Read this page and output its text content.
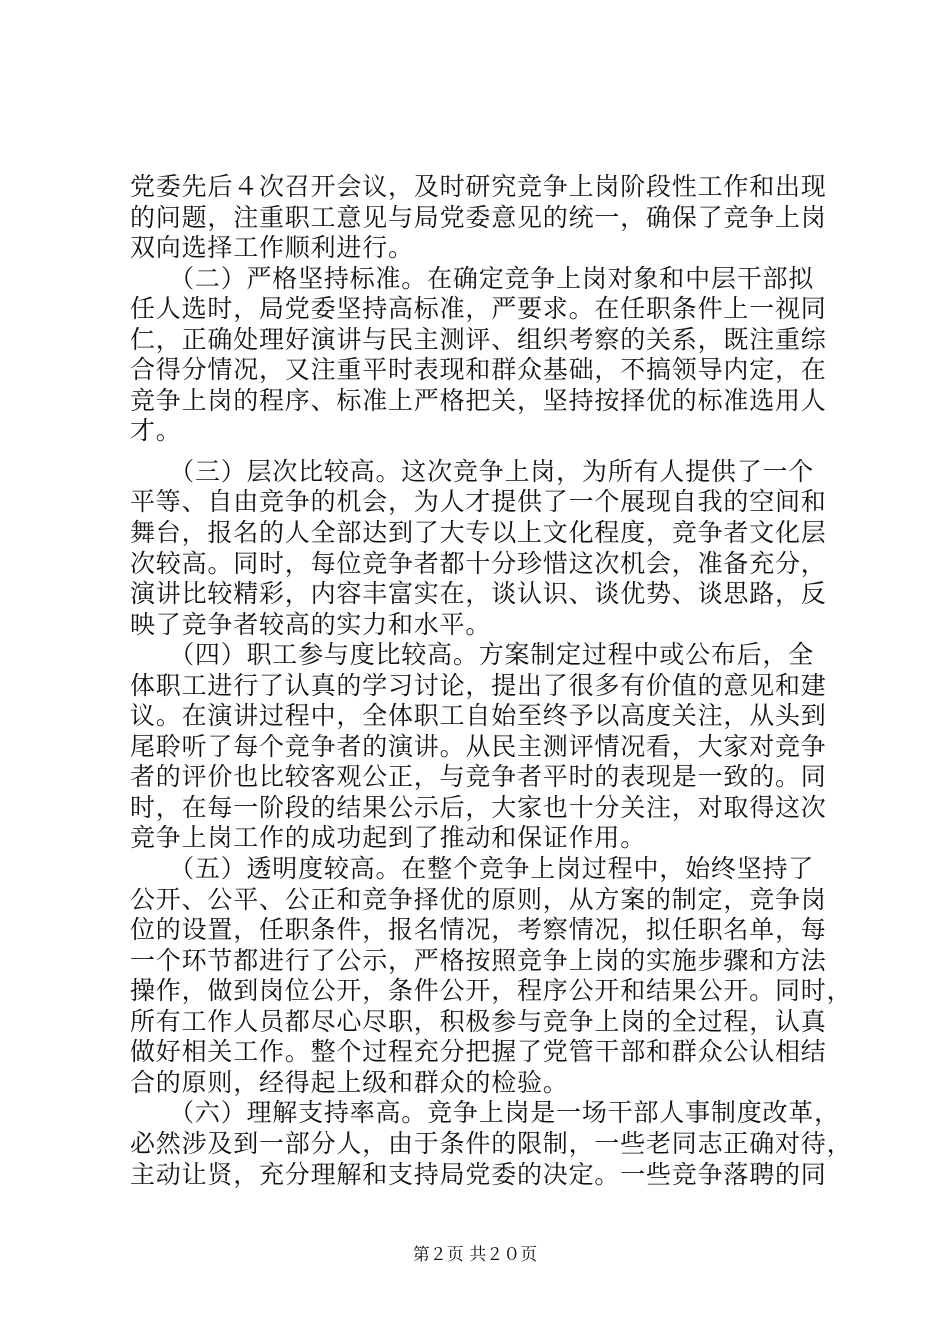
党委先后４次召开会议，及时研究竞争上岗阶段性工作和出现
的问题，注重职工意见与局党委意见的统一，确保了竞争上岗
双向选择工作顺利进行。
　　（二）严格坚持标准。在确定竞争上岗对象和中层干部拟
任人选时，局党委坚持高标准，严要求。在任职条件上一视同
仁，正确处理好演讲与民主测评、组织考察的关系，既注重综
合得分情况，又注重平时表现和群众基础，不搞领导内定，在
竞争上岗的程序、标准上严格把关，坚持按择优的标准选用人
才。
　　（三）层次比较高。这次竞争上岗，为所有人提供了一个
平等、自由竞争的机会，为人才提供了一个展现自我的空间和
舞台，报名的人全部达到了大专以上文化程度，竞争者文化层
次较高。同时，每位竞争者都十分珍惜这次机会，准备充分，
演讲比较精彩，内容丰富实在，谈认识、谈优势、谈思路，反
映了竞争者较高的实力和水平。
　　（四）职工参与度比较高。方案制定过程中或公布后，全
体职工进行了认真的学习讨论，提出了很多有价值的意见和建
议。在演讲过程中，全体职工自始至终予以高度关注，从头到
尾聆听了每个竞争者的演讲。从民主测评情况看，大家对竞争
者的评价也比较客观公正，与竞争者平时的表现是一致的。同
时，在每一阶段的结果公示后，大家也十分关注，对取得这次
竞争上岗工作的成功起到了推动和保证作用。
　　（五）透明度较高。在整个竞争上岗过程中，始终坚持了
公开、公平、公正和竞争择优的原则，从方案的制定，竞争岗
位的设置，任职条件，报名情况，考察情况，拟任职名单，每
一个环节都进行了公示，严格按照竞争上岗的实施步骤和方法
操作，做到岗位公开，条件公开，程序公开和结果公开。同时，
所有工作人员都尽心尽职，积极参与竞争上岗的全过程，认真
做好相关工作。整个过程充分把握了党管干部和群众公认相结
合的原则，经得起上级和群众的检验。
　　（六）理解支持率高。竞争上岗是一场干部人事制度改革，
必然涉及到一部分人，由于条件的限制，一些老同志正确对待，
主动让贤，充分理解和支持局党委的决定。一些竞争落聘的同
第２页 共２０页
